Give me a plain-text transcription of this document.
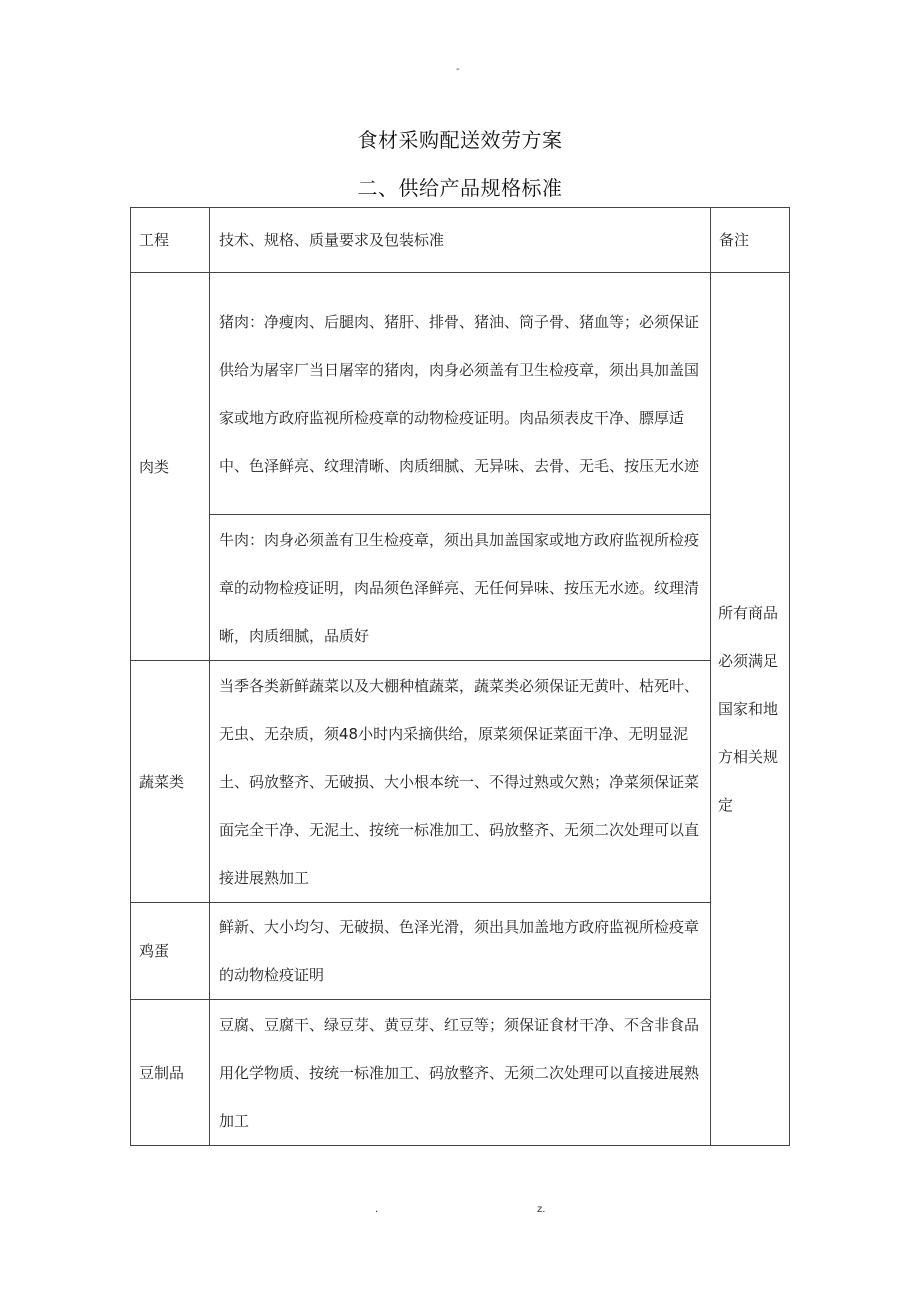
-
食材采购配送效劳方案
二、供给产品规格标准
工程	技术、规格、质量要求及包装标准	备注
肉类	猪肉：净瘦肉、后腿肉、猪肝、排骨、猪油、筒子骨、猪血等；必须保证供给为屠宰厂当日屠宰的猪肉，肉身必须盖有卫生检疫章，须出具加盖国家或地方政府监视所检疫章的动物检疫证明。肉品须表皮干净、膘厚适中、色泽鲜亮、纹理清晰、肉质细腻、无异味、去骨、无毛、按压无水迹	所有商品必须满足国家和地方相关规定
	牛肉：肉身必须盖有卫生检疫章，须出具加盖国家或地方政府监视所检疫章的动物检疫证明，肉品须色泽鲜亮、无任何异味、按压无水迹。纹理清晰，肉质细腻，品质好	
蔬菜类	当季各类新鲜蔬菜以及大棚种植蔬菜，蔬菜类必须保证无黄叶、枯死叶、无虫、无杂质，须48小时内采摘供给，原菜须保证菜面干净、无明显泥土、码放整齐、无破损、大小根本统一、不得过熟或欠熟；净菜须保证菜面完全干净、无泥土、按统一标准加工、码放整齐、无须二次处理可以直接进展熟加工	
鸡蛋	鲜新、大小均匀、无破损、色泽光滑，须出具加盖地方政府监视所检疫章的动物检疫证明	
豆制品	豆腐、豆腐干、绿豆芽、黄豆芽、红豆等；须保证食材干净、不含非食品用化学物质、按统一标准加工、码放整齐、无须二次处理可以直接进展熟加工	
.	z.
